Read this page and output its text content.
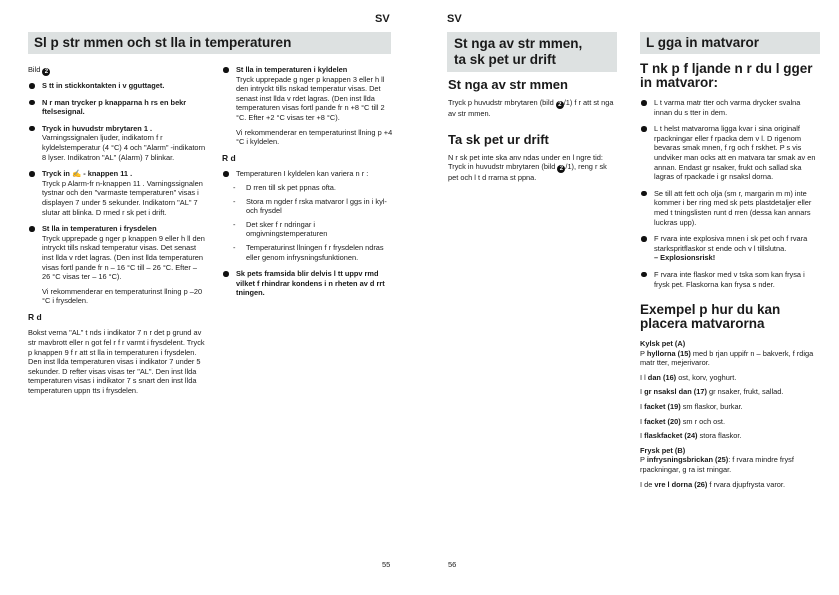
SV
Sl p str mmen och st lla in temperaturen

Bild 2

S tt in stickkontakten i v gguttaget.
N r man trycker p knapparna h rs en bekr ftelsesignal.
Tryck in huvudstr mbrytaren 1 .
Varningssignalen ljuder, indikatorn f r kyldelstemperatur (4 °C) 4 och "Alarm" -indikatorn 8 lyser. Indikatron "AL" (Alarm) 7 blinkar.
Tryck in ✍ - knappen 11 .
Tryck p Alarm-fr n-knappen 11 . Varningssignalen tystnar och den "varmaste temperaturen" visas i displayen 7 under 5 sekunder. Indikatorn "AL" 7 slutar att blinka. D rmed r sk pet i drift.
St lla in temperaturen i frysdelen
Tryck upprepade g nger p knappen 9 eller h ll den intryckt tills nskad temperatur visas. Det senast inst llda v rdet lagras. (Den inst llda temperaturen visas fortl pande fr n – 16 °C till – 26 °C. Efter – 26 °C visas ter – 16 °C).
Vi rekommenderar en temperaturinst llning p –20 °C i frysdelen.
R d

Bokst verna "AL" t nds i indikator 7 n r det p grund av str mavbrott eller n got fel r f r varmt i frysdelent. Tryck p knappen 9 f r att st lla in temperaturen i frysdelen. Den inst llda temperaturen visas i indikator 7 under 5 sekunder. D refter visas visas ter "AL". Den inst llda temperaturen visas i indikator 7 s snart den inst llda temperaturen uppn tts i frysdelen.

St lla in temperaturen i kyldelen
Tryck upprepade g nger p knappen 3 eller h ll den intryckt tills nskad temperatur visas. Det senast inst llda v rdet lagras. (Den inst llda temperaturen visas fortl pande fr n +8 °C till 2 °C. Efter +2 °C visas ter +8 °C).
Vi rekommenderar en temperaturinst llning p +4 °C i kyldelen.
R d
Temperaturen I kyldelen kan variera n r :
- D rren till sk pet ppnas ofta.
- Stora m ngder f rska matvaror l ggs in i kyl- och frysdel
- Det sker f r ndringar i omgivningstemperaturen
- Temperaturinst llningen f r frysdelen ndras eller genom infrysningsfunktionen.
Sk pets framsida blir delvis l tt uppv rmd vilket f rhindrar kondens i n rheten av d rrt tningen.
55
SV
St nga av str mmen,
ta sk pet ur drift
St nga av str mmen

Tryck p huvudstr mbrytaren (bild 2 /1) f r att st nga av str mmen.

Ta sk pet ur drift

N r sk pet inte ska anv ndas under en l ngre tid:

Tryck in huvudstr mbrytaren (bild 2 /1), reng r sk pet och l t d rrarna st ppna.

L gga in matvaror
T nk p f ljande n r du l gger in matvaror:
L t varma matr tter och varma drycker svalna innan du s tter in dem.
L t helst matvarorna ligga kvar i sina originalf rpackningar eller f rpacka dem v l. D rigenom bevaras smak mnen, f rg och f rskhet. P s vis undviker man ocks att en matvara tar smak av en annan. Endast gr nsaker, frukt och sallad ska lagras of rpackade i gr nsaksl dorna.
Se till att fett och olja (sm r, margarin m m) inte kommer i ber ring med sk pets plastdetaljer eller med t tningslisten runt d rren (dessa kan annars luckras upp).
F rvara inte explosiva mnen i sk pet och f rvara starkspritflaskor st ende och v l tillslutna.
– Explosionsrisk!
F rvara inte flaskor med v tska som kan frysa i frysk pet. Flaskorna kan frysa s nder.
Exempel p hur du kan placera matvarorna
Kylsk pet (A)

P hyllorna (15) med b rjan uppifr n – bakverk, f rdiga matr tter, mejerivaror.

I l dan (16) ost, korv, yoghurt.

I gr nsaksl dan (17) gr nsaker, frukt, sallad.

I facket (19) sm flaskor, burkar.

I facket (20) sm r och ost.

I flaskfacket (24) stora flaskor.

Frysk pet (B)

P infrysningsbrickan (25): f rvara mindre frysf rpackningar, g ra ist rningar.

I de vre l dorna (26) f rvara djupfrysta varor.

56
